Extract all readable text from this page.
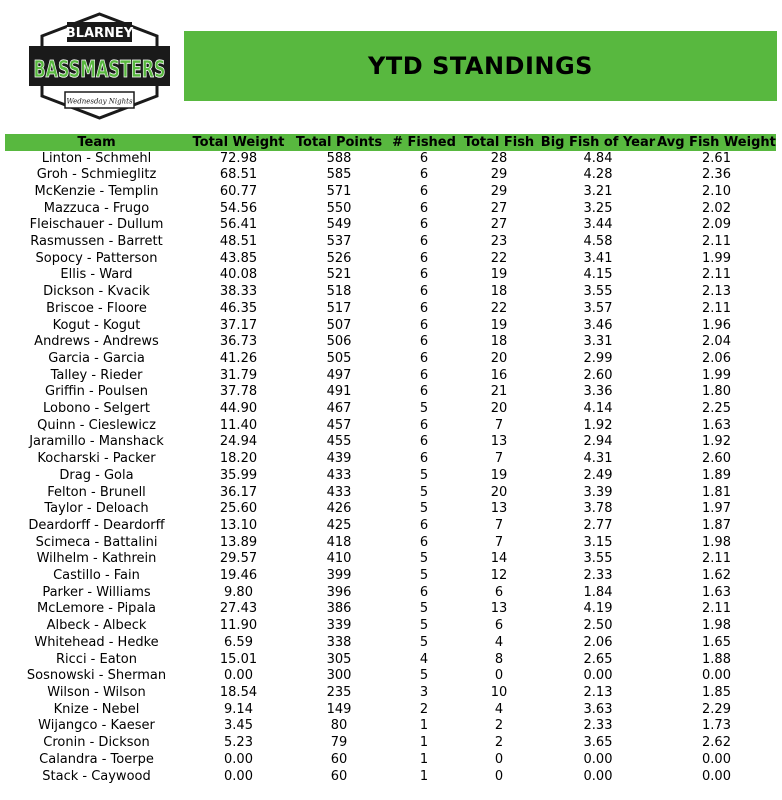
BLARNEY
BASSMASTERS
Wednesday Nights
YTD STANDINGS
Team	Total Weight	Total Points	# Fished	Total Fish	Big Fish of Year	Avg Fish Weight
Linton - Schmehl	72.98	588	6	28	4.84	2.61
Groh - Schmieglitz	68.51	585	6	29	4.28	2.36
McKenzie - Templin	60.77	571	6	29	3.21	2.10
Mazzuca - Frugo	54.56	550	6	27	3.25	2.02
Fleischauer - Dullum	56.41	549	6	27	3.44	2.09
Rasmussen - Barrett	48.51	537	6	23	4.58	2.11
Sopocy - Patterson	43.85	526	6	22	3.41	1.99
Ellis - Ward	40.08	521	6	19	4.15	2.11
Dickson - Kvacik	38.33	518	6	18	3.55	2.13
Briscoe - Floore	46.35	517	6	22	3.57	2.11
Kogut - Kogut	37.17	507	6	19	3.46	1.96
Andrews - Andrews	36.73	506	6	18	3.31	2.04
Garcia - Garcia	41.26	505	6	20	2.99	2.06
Talley - Rieder	31.79	497	6	16	2.60	1.99
Griffin - Poulsen	37.78	491	6	21	3.36	1.80
Lobono - Selgert	44.90	467	5	20	4.14	2.25
Quinn - Cieslewicz	11.40	457	6	7	1.92	1.63
Jaramillo - Manshack	24.94	455	6	13	2.94	1.92
Kocharski - Packer	18.20	439	6	7	4.31	2.60
Drag - Gola	35.99	433	5	19	2.49	1.89
Felton - Brunell	36.17	433	5	20	3.39	1.81
Taylor - Deloach	25.60	426	5	13	3.78	1.97
Deardorff - Deardorff	13.10	425	6	7	2.77	1.87
Scimeca - Battalini	13.89	418	6	7	3.15	1.98
Wilhelm - Kathrein	29.57	410	5	14	3.55	2.11
Castillo - Fain	19.46	399	5	12	2.33	1.62
Parker - Williams	9.80	396	6	6	1.84	1.63
McLemore - Pipala	27.43	386	5	13	4.19	2.11
Albeck - Albeck	11.90	339	5	6	2.50	1.98
Whitehead - Hedke	6.59	338	5	4	2.06	1.65
Ricci - Eaton	15.01	305	4	8	2.65	1.88
Sosnowski - Sherman	0.00	300	5	0	0.00	0.00
Wilson - Wilson	18.54	235	3	10	2.13	1.85
Knize - Nebel	9.14	149	2	4	3.63	2.29
Wijangco - Kaeser	3.45	80	1	2	2.33	1.73
Cronin - Dickson	5.23	79	1	2	3.65	2.62
Calandra - Toerpe	0.00	60	1	0	0.00	0.00
Stack - Caywood	0.00	60	1	0	0.00	0.00
